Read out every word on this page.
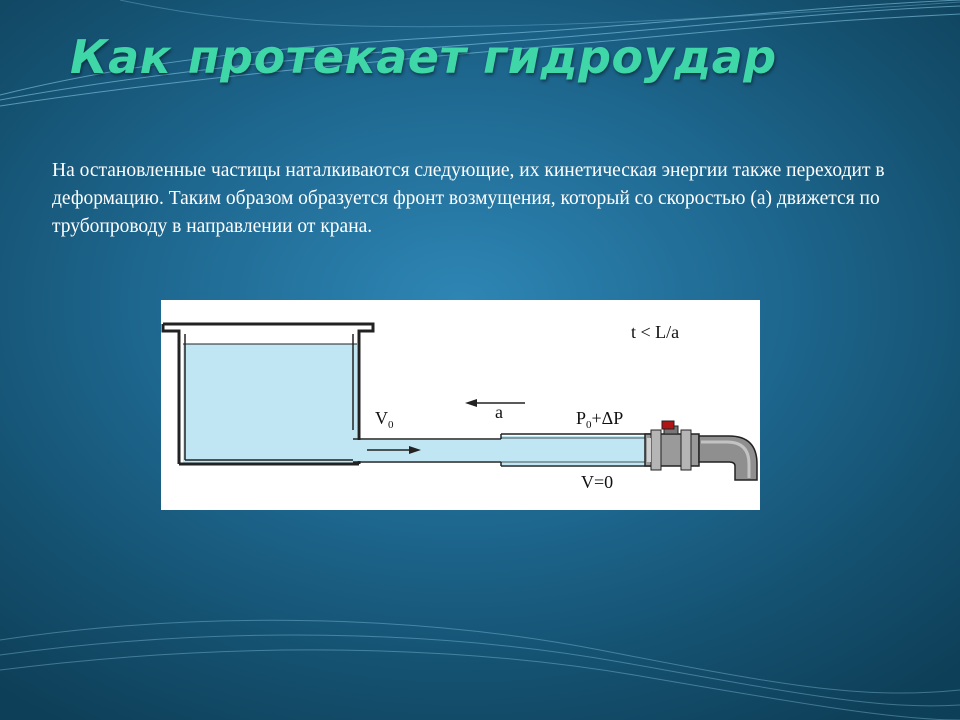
Как протекает гидроудар
На остановленные частицы наталкиваются следующие, их кинетическая энергии также переходит в деформацию. Таким образом образуется фронт возмущения, который со скоростью (а) движется по трубопроводу в направлении от крана.
t < L/a
$V_0$
a	$P_0+\Delta P$
V=0
